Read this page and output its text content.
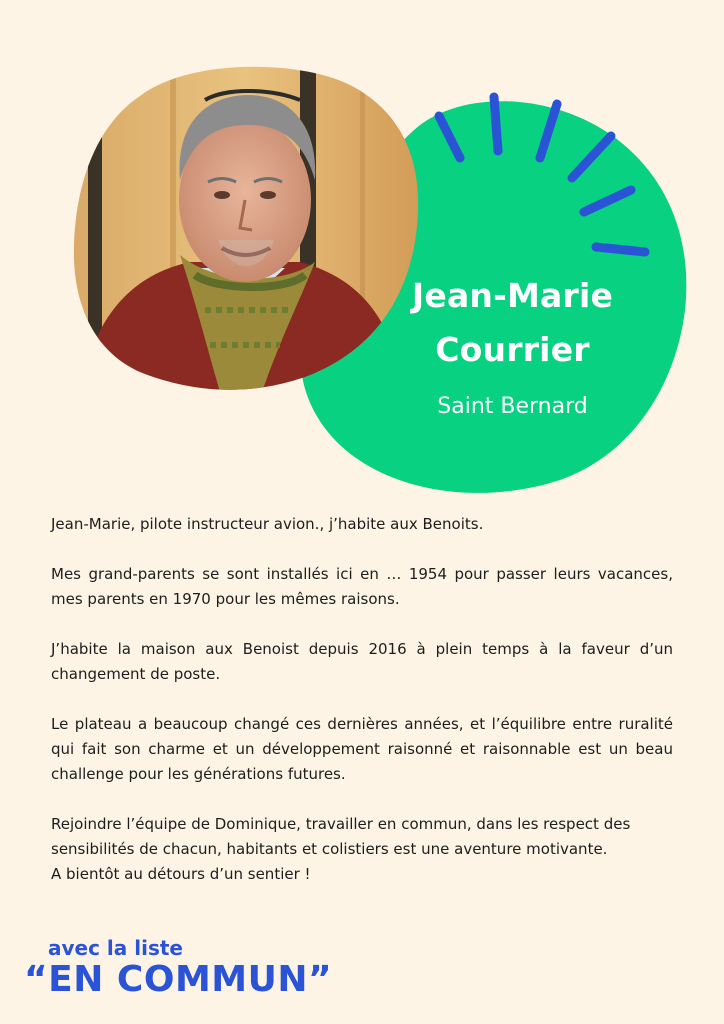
Jean-Marie
Courrier
Saint Bernard

Jean-Marie, pilote instructeur avion., j’habite aux Benoits.

Mes grand-parents se sont installés ici en … 1954 pour passer leurs vacances, mes parents en 1970 pour les mêmes raisons.

J’habite la maison aux Benoist depuis 2016 à plein temps à la faveur d’un changement de poste.

Le plateau a beaucoup changé ces dernières années, et l’équilibre entre ruralité qui fait son charme et un développement raisonné et raisonnable est un beau challenge pour les générations futures.

Rejoindre l’équipe de Dominique, travailler en commun, dans les respect des sensibilités de chacun, habitants et colistiers est une aventure motivante.
A bientôt au détours d’un sentier !

avec la liste
“EN COMMUN”
